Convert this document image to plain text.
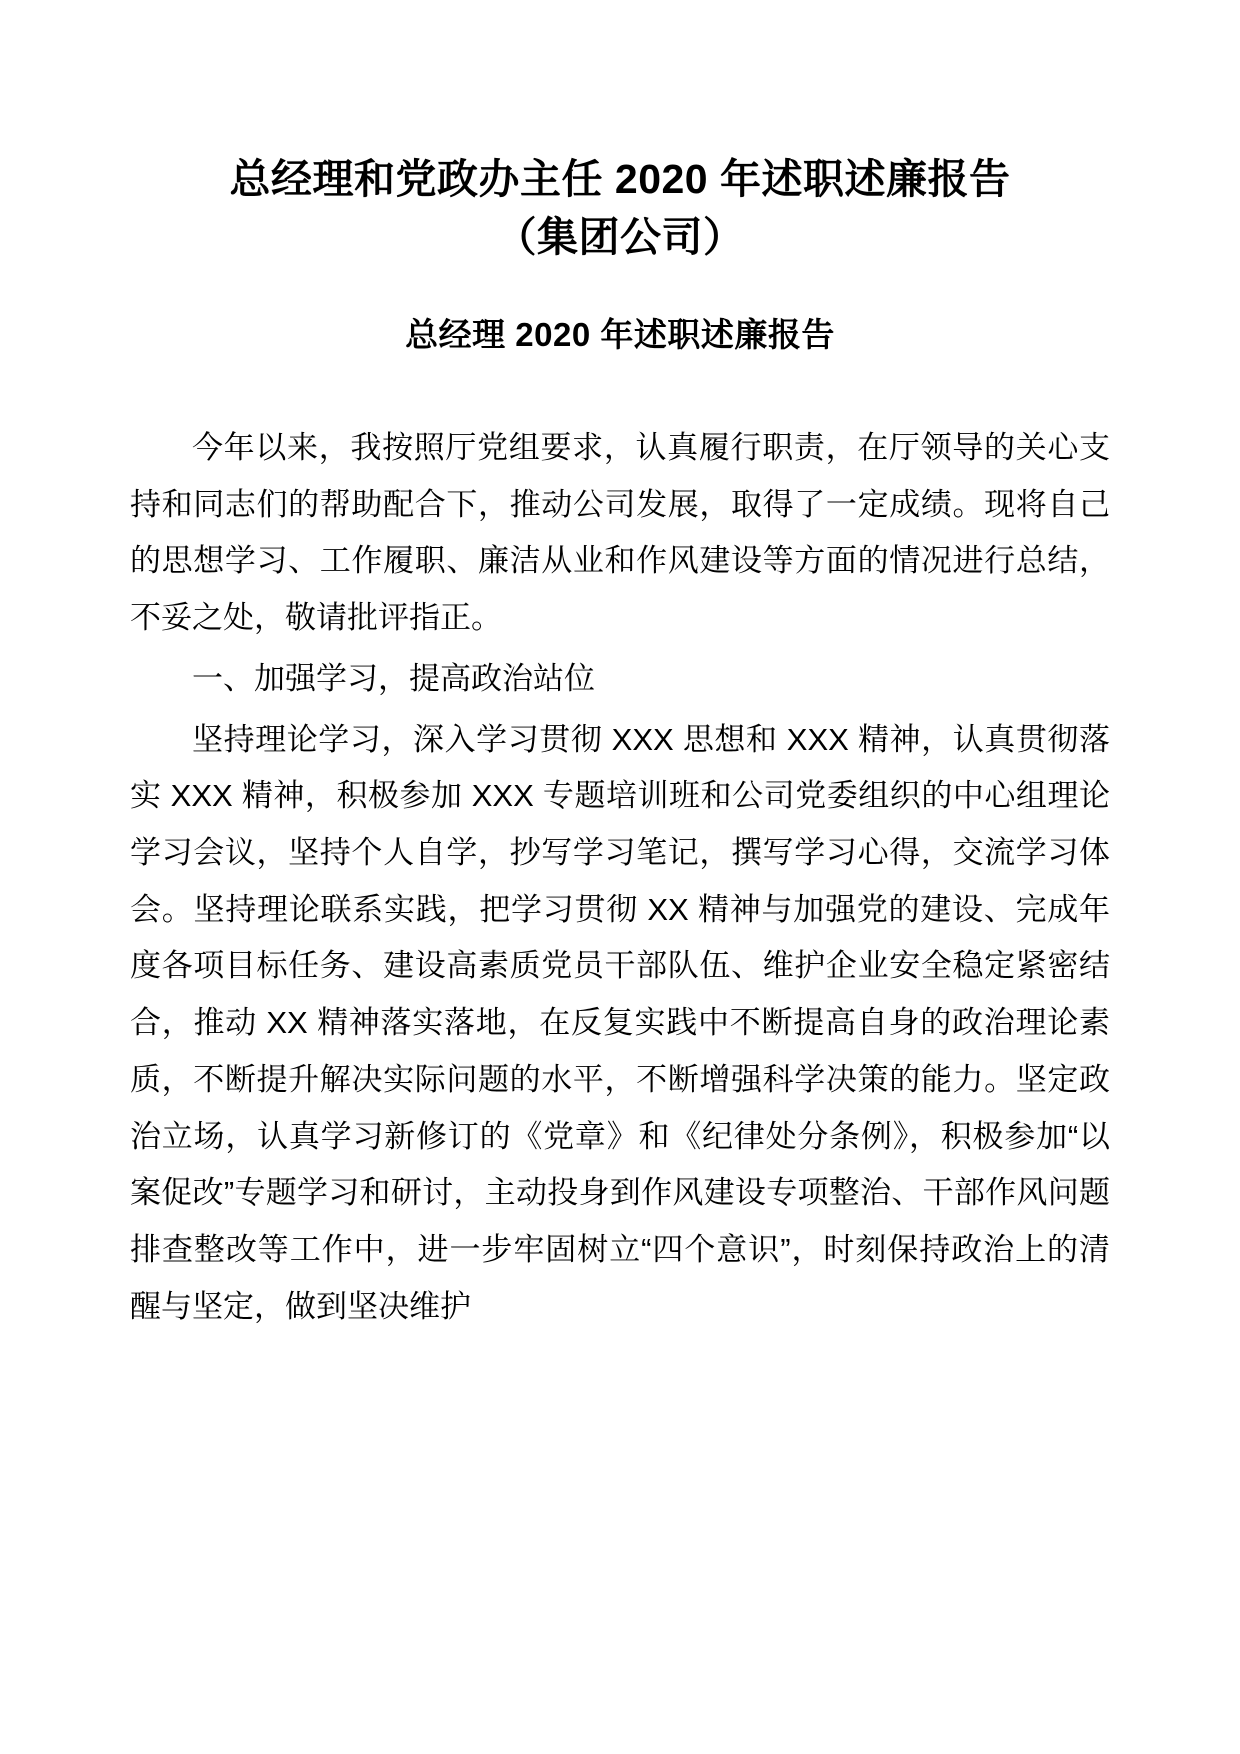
总经理和党政办主任 2020 年述职述廉报告
（集团公司）
总经理 2020 年述职述廉报告

今年以来，我按照厅党组要求，认真履行职责，在厅领导的关心支持和同志们的帮助配合下，推动公司发展，取得了一定成绩。现将自己的思想学习、工作履职、廉洁从业和作风建设等方面的情况进行总结，不妥之处，敬请批评指正。

一、加强学习，提高政治站位

坚持理论学习，深入学习贯彻 XXX 思想和 XXX 精神，认真贯彻落实 XXX 精神，积极参加 XXX 专题培训班和公司党委组织的中心组理论学习会议，坚持个人自学，抄写学习笔记，撰写学习心得，交流学习体会。坚持理论联系实践，把学习贯彻 XX 精神与加强党的建设、完成年度各项目标任务、建设高素质党员干部队伍、维护企业安全稳定紧密结合，推动 XX 精神落实落地，在反复实践中不断提高自身的政治理论素质，不断提升解决实际问题的水平，不断增强科学决策的能力。坚定政治立场，认真学习新修订的《党章》和《纪律处分条例》，积极参加“以案促改”专题学习和研讨，主动投身到作风建设专项整治、干部作风问题排查整改等工作中，进一步牢固树立“四个意识”，时刻保持政治上的清醒与坚定，做到坚决维护
